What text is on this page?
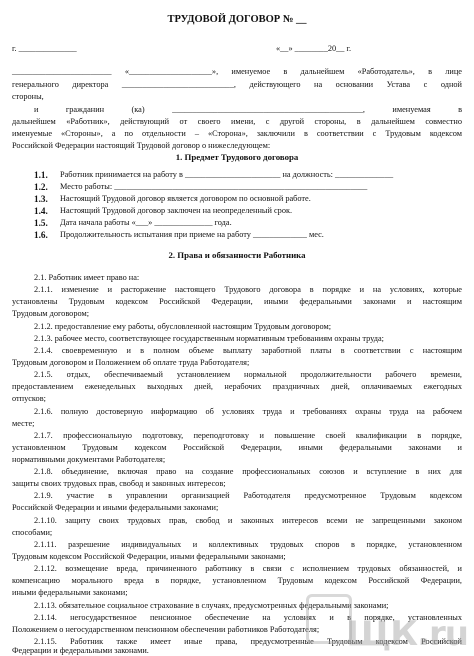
ТРУДОВОЙ ДОГОВОР № __
г. ______________	«__» ________20__ г.
________________________ «____________________», именуемое в дальнейшем «Работодатель», в лице
генерального директора ___________________________, действующего на основании Устава с одной
стороны,
и гражданин (ка) ______________________________________________, именуемая в
дальнейшем «Работник», действующий от своего имени, с другой стороны, в дальнейшем совместно
именуемые «Стороны», а по отдельности – «Сторона», заключили в соответствии с Трудовым кодексом
Российской Федерации настоящий Трудовой договор о нижеследующем:
1. Предмет Трудового договора
1.1. Работник принимается на работу в _______________________ на должность: ______________
1.2. Место работы: _____________________________________________________________
1.3. Настоящий Трудовой договор является договором по основной работе.
1.4. Настоящий Трудовой договор заключен на неопределенный срок.
1.5. Дата начала работы «___» ______________ года.
1.6. Продолжительность испытания при приеме на работу _____________ мес.
2. Права и обязанности Работника
2.1. Работник имеет право на:
2.1.1. изменение и расторжение настоящего Трудового договора в порядке и на условиях, которые
установлены Трудовым кодексом Российской Федерации, иными федеральными законами и настоящим
Трудовым договором;
2.1.2. предоставление ему работы, обусловленной настоящим Трудовым договором;
2.1.3. рабочее место, соответствующее государственным нормативным требованиям охраны труда;
2.1.4. своевременную и в полном объеме выплату заработной платы в соответствии с настоящим
Трудовым договором и Положением об оплате труда Работодателя;
2.1.5. отдых, обеспечиваемый установлением нормальной продолжительности рабочего времени,
предоставлением еженедельных выходных дней, нерабочих праздничных дней, оплачиваемых ежегодных
отпусков;
2.1.6. полную достоверную информацию об условиях труда и требованиях охраны труда на рабочем
месте;
2.1.7. профессиональную подготовку, переподготовку и повышение своей квалификации в порядке,
установленном Трудовым кодексом Российской Федерации, иными федеральными законами и
нормативными документами Работодателя;
2.1.8. объединение, включая право на создание профессиональных союзов и вступление в них для
защиты своих трудовых прав, свобод и законных интересов;
2.1.9. участие в управлении организацией Работодателя предусмотренное Трудовым кодексом
Российской Федерации и иными федеральными законами;
2.1.10. защиту своих трудовых прав, свобод и законных интересов всеми не запрещенными законом
способами;
2.1.11. разрешение индивидуальных и коллективных трудовых споров в порядке, установленном
Трудовым кодексом Российской Федерации, иными федеральными законами;
2.1.12. возмещение вреда, причиненного работнику в связи с исполнением трудовых обязанностей, и
компенсацию морального вреда в порядке, установленном Трудовым кодексом Российской Федерации,
иными федеральными законами;
2.1.13. обязательное социальное страхование в случаях, предусмотренных федеральными законами;
2.1.14. негосударственное пенсионное обеспечение на условиях и в порядке, установленных
Положением о негосударственном пенсионном обеспечении работников Работодателя;
2.1.15. Работник также имеет иные права, предусмотренные Трудовым кодексом Российской
Федерации и федеральными законами.	ЩК.ru
